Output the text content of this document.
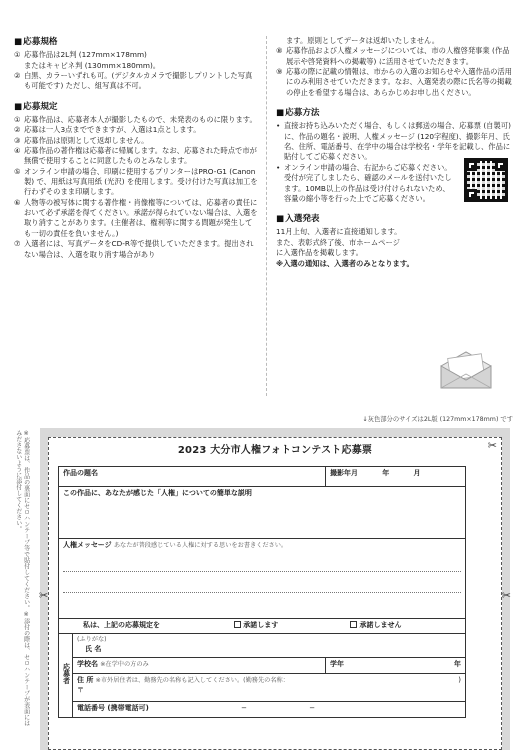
■ 応募規格
① 応募作品は2L判 (127mm×178mm)
またはキャビネ判 (130mm×180mm)。
② 白黒、カラーいずれも可。(デジタルカメラで撮影しプリントした写真も可能です) ただし、組写真は不可。
■ 応募規定
① 応募作品は、応募者本人が撮影したもので、未発表のものに限ります。
② 応募は一人3点までできますが、入選は1点とします。
③ 応募作品は原則として返却しません。
④ 応募作品の著作権は応募者に帰属します。なお、応募された時点で市が無償で使用することに同意したものとみなします。
⑤ オンライン申請の場合、印刷に使用するプリンターはPRO-G1 (Canon製) で、用紙は写真用紙 (光沢) を使用します。受け付けた写真は加工を行わずそのまま印刷します。
⑥ 人物等の被写体に関する著作権・肖像権等については、応募者の責任において必ず承諾を得てください。承諾が得られていない場合は、入選を取り消すことがあります。(主催者は、権利等に関する問題が発生しても一切の責任を負いません。)
⑦ 入選者には、写真データをCD-R等で提供していただきます。提出されない場合は、入選を取り消す場合があり
ます。原則としてデータは返却いたしません。
⑧ 応募作品および人権メッセージについては、市の人権啓発事業 (作品展示や啓発資料への掲載等) に活用させていただきます。
⑨ 応募の際に記載の情報は、市からの入選のお知らせや入選作品の活用にのみ利用させていただきます。なお、入選発表の際に氏名等の掲載の停止を希望する場合は、あらかじめお申し出ください。
■ 応募方法
• 直接お持ち込みいただく場合、もしくは郵送の場合、応募票 (自製可) に、作品の題名・説明、人権メッセージ (120字程度)、撮影年月、氏名、住所、電話番号、在学中の場合は学校名・学年を記載し、作品に貼付してご応募ください。
• オンライン申請の場合、右記からご応募ください。受付が完了しましたら、確認のメールを送付いたします。10MB以上の作品は受け付けられないため、容量の縮小等を行った上でご応募ください。
■ 入選発表
11月上旬、入選者に直接通知します。
また、表彰式終了後、市ホームページ
に入選作品を掲載します。
※入選の通知は、入選者のみとなります。
↓灰色部分のサイズは2L版 (127mm×178mm) です
※応募票は、作品の裏面にセロハンテープ等で貼付してください。※添付の際は、セロハンテープが表面にはみださないように添付してください。	2023 大分市人権フォトコンテスト応募票	✂
✂	✂
作品の題名		撮影年月 年 月
この作品に、あなたが感じた「人権」についての簡単な説明		
人権メッセージ あなたが普段感じている人権に対する思いをお書きください。		

私は、上記の応募規定を 承諾します 承諾しません		
応募者	(ふりがな)
氏 名	
	学校名 ※在学中の方のみ	学年 年

	住 所 ※市外居住者は、勤務先の名称も記入してください。(勤務先の名称： )
〒	

	電話番号 (携帯電話可) − −	
